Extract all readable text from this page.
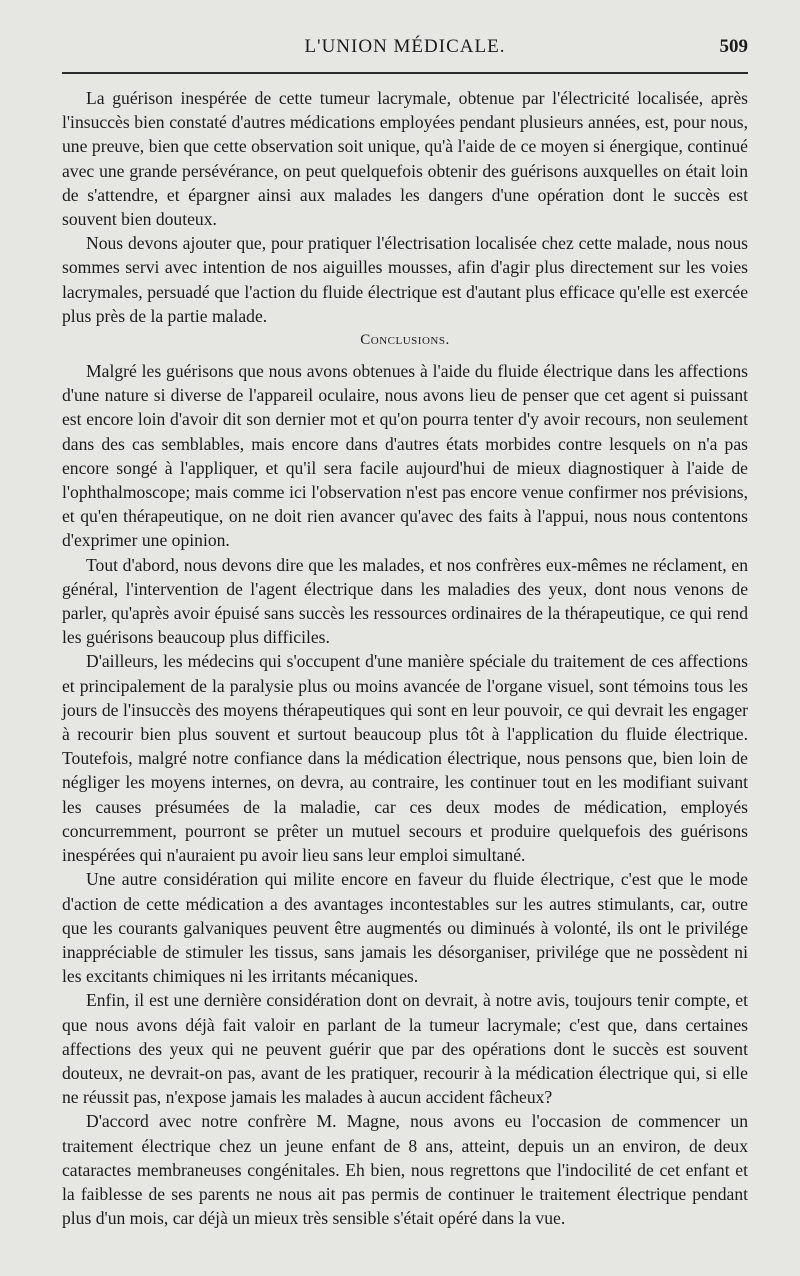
L'UNION MÉDICALE.	509

La guérison inespérée de cette tumeur lacrymale, obtenue par l'électricité localisée, après l'insuccès bien constaté d'autres médications employées pendant plusieurs années, est, pour nous, une preuve, bien que cette observation soit unique, qu'à l'aide de ce moyen si énergique, continué avec une grande persévérance, on peut quelquefois obtenir des guérisons auxquelles on était loin de s'attendre, et épargner ainsi aux malades les dangers d'une opération dont le succès est souvent bien douteux.

Nous devons ajouter que, pour pratiquer l'électrisation localisée chez cette malade, nous nous sommes servi avec intention de nos aiguilles mousses, afin d'agir plus directement sur les voies lacrymales, persuadé que l'action du fluide électrique est d'autant plus efficace qu'elle est exercée plus près de la partie malade.

Conclusions.

Malgré les guérisons que nous avons obtenues à l'aide du fluide électrique dans les affections d'une nature si diverse de l'appareil oculaire, nous avons lieu de penser que cet agent si puissant est encore loin d'avoir dit son dernier mot et qu'on pourra tenter d'y avoir recours, non seulement dans des cas semblables, mais encore dans d'autres états morbides contre lesquels on n'a pas encore songé à l'appliquer, et qu'il sera facile aujourd'hui de mieux diagnostiquer à l'aide de l'ophthalmoscope; mais comme ici l'observation n'est pas encore venue confirmer nos prévisions, et qu'en thérapeutique, on ne doit rien avancer qu'avec des faits à l'appui, nous nous contentons d'exprimer une opinion.

Tout d'abord, nous devons dire que les malades, et nos confrères eux-mêmes ne réclament, en général, l'intervention de l'agent électrique dans les maladies des yeux, dont nous venons de parler, qu'après avoir épuisé sans succès les ressources ordinaires de la thérapeutique, ce qui rend les guérisons beaucoup plus difficiles.

D'ailleurs, les médecins qui s'occupent d'une manière spéciale du traitement de ces affections et principalement de la paralysie plus ou moins avancée de l'organe visuel, sont témoins tous les jours de l'insuccès des moyens thérapeutiques qui sont en leur pouvoir, ce qui devrait les engager à recourir bien plus souvent et surtout beaucoup plus tôt à l'application du fluide électrique. Toutefois, malgré notre confiance dans la médication électrique, nous pensons que, bien loin de négliger les moyens internes, on devra, au contraire, les continuer tout en les modifiant suivant les causes présumées de la maladie, car ces deux modes de médication, employés concurremment, pourront se prêter un mutuel secours et produire quelquefois des guérisons inespérées qui n'auraient pu avoir lieu sans leur emploi simultané.

Une autre considération qui milite encore en faveur du fluide électrique, c'est que le mode d'action de cette médication a des avantages incontestables sur les autres stimulants, car, outre que les courants galvaniques peuvent être augmentés ou diminués à volonté, ils ont le privilége inappréciable de stimuler les tissus, sans jamais les désorganiser, privilége que ne possèdent ni les excitants chimiques ni les irritants mécaniques.

Enfin, il est une dernière considération dont on devrait, à notre avis, toujours tenir compte, et que nous avons déjà fait valoir en parlant de la tumeur lacrymale; c'est que, dans certaines affections des yeux qui ne peuvent guérir que par des opérations dont le succès est souvent douteux, ne devrait-on pas, avant de les pratiquer, recourir à la médication électrique qui, si elle ne réussit pas, n'expose jamais les malades à aucun accident fâcheux?

D'accord avec notre confrère M. Magne, nous avons eu l'occasion de commencer un traitement électrique chez un jeune enfant de 8 ans, atteint, depuis un an environ, de deux cataractes membraneuses congénitales. Eh bien, nous regrettons que l'indocilité de cet enfant et la faiblesse de ses parents ne nous ait pas permis de continuer le traitement électrique pendant plus d'un mois, car déjà un mieux très sensible s'était opéré dans la vue.
